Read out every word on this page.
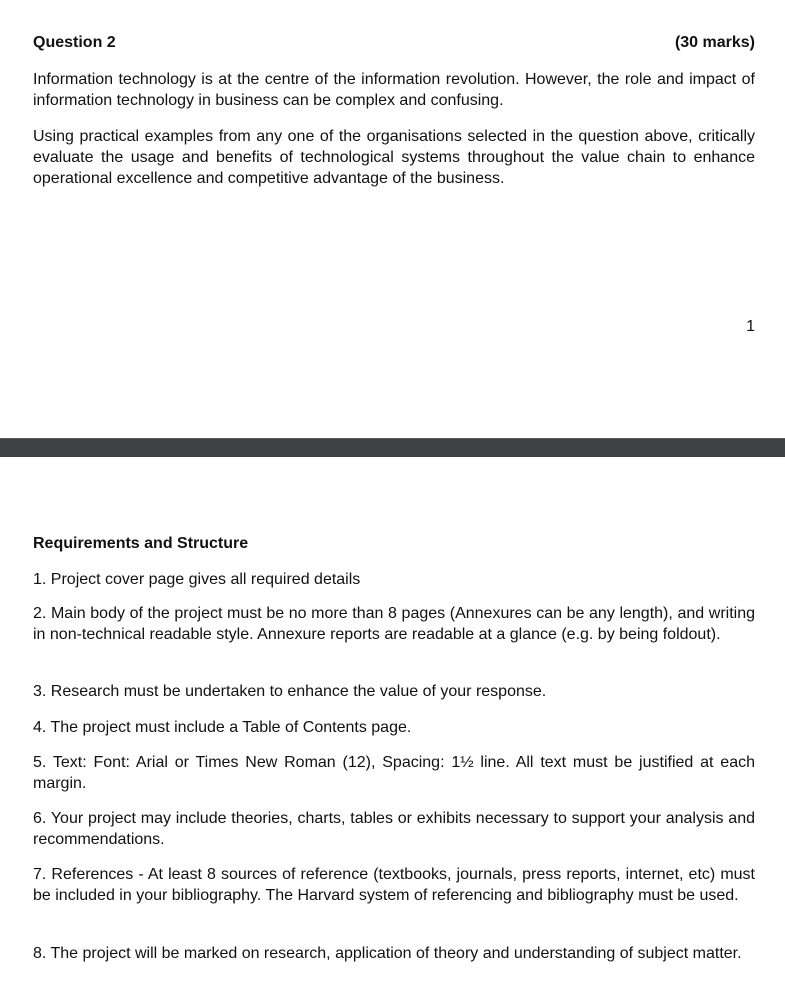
Question 2	(30 marks)
Information technology is at the centre of the information revolution. However, the role and impact of information technology in business can be complex and confusing.
Using practical examples from any one of the organisations selected in the question above, critically evaluate the usage and benefits of technological systems throughout the value chain to enhance operational excellence and competitive advantage of the business.
1
Requirements and Structure
1. Project cover page gives all required details
2. Main body of the project must be no more than 8 pages (Annexures can be any length), and writing in non-technical readable style. Annexure reports are readable at a glance (e.g. by being foldout).
3. Research must be undertaken to enhance the value of your response.
4. The project must include a Table of Contents page.
5. Text: Font: Arial or Times New Roman (12), Spacing: 1½ line. All text must be justified at each margin.
6. Your project may include theories, charts, tables or exhibits necessary to support your analysis and recommendations.
7. References - At least 8 sources of reference (textbooks, journals, press reports, internet, etc) must be included in your bibliography. The Harvard system of referencing and bibliography must be used.
8. The project will be marked on research, application of theory and understanding of subject matter.
